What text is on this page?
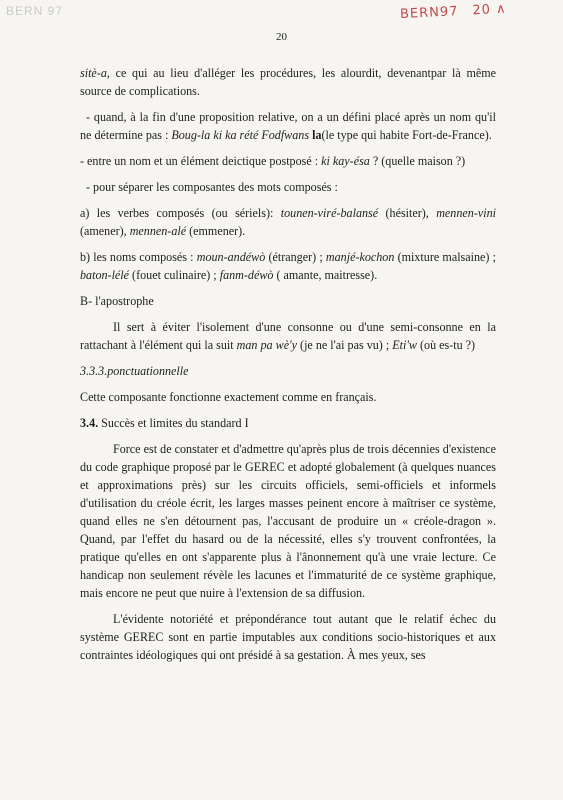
BERN 97	BERN97 20 ∧
20

sitè-a, ce qui au lieu d'alléger les procédures, les alourdit, devenantpar là même source de complications.

- quand, à la fin d'une proposition relative, on a un défini placé après un nom qu'il ne détermine pas : Boug-la ki ka rété Fodfwans la(le type qui habite Fort-de-France).

- entre un nom et un élément deictique postposé : ki kay-ésa ? (quelle maison ?)

- pour séparer les composantes des mots composés :

a) les verbes composés (ou sériels): tounen-viré-balansé (hésiter), mennen-vini (amener), mennen-alé (emmener).

b) les noms composés : moun-andéwò (étranger) ; manjé-kochon (mixture malsaine) ; baton-lélé (fouet culinaire) ; fanm-déwò ( amante, maitresse).

B- l'apostrophe

Il sert à éviter l'isolement d'une consonne ou d'une semi-consonne en la rattachant à l'élément qui la suit man pa wè'y (je ne l'ai pas vu) ; Eti'w (où es-tu ?)

3.3.3.ponctuationnelle

Cette composante fonctionne exactement comme en français.

3.4. Succès et limites du standard I

Force est de constater et d'admettre qu'après plus de trois décennies d'existence du code graphique proposé par le GEREC et adopté globalement (à quelques nuances et approximations près) sur les circuits officiels, semi-officiels et informels d'utilisation du créole écrit, les larges masses peinent encore à maîtriser ce système, quand elles ne s'en détournent pas, l'accusant de produire un « créole-dragon ». Quand, par l'effet du hasard ou de la nécessité, elles s'y trouvent confrontées, la pratique qu'elles en ont s'apparente plus à l'ânonnement qu'à une vraie lecture. Ce handicap non seulement révèle les lacunes et l'immaturité de ce système graphique, mais encore ne peut que nuire à l'extension de sa diffusion.

L'évidente notoriété et prépondérance tout autant que le relatif échec du système GEREC sont en partie imputables aux conditions socio-historiques et aux contraintes idéologiques qui ont présidé à sa gestation. À mes yeux, ses
